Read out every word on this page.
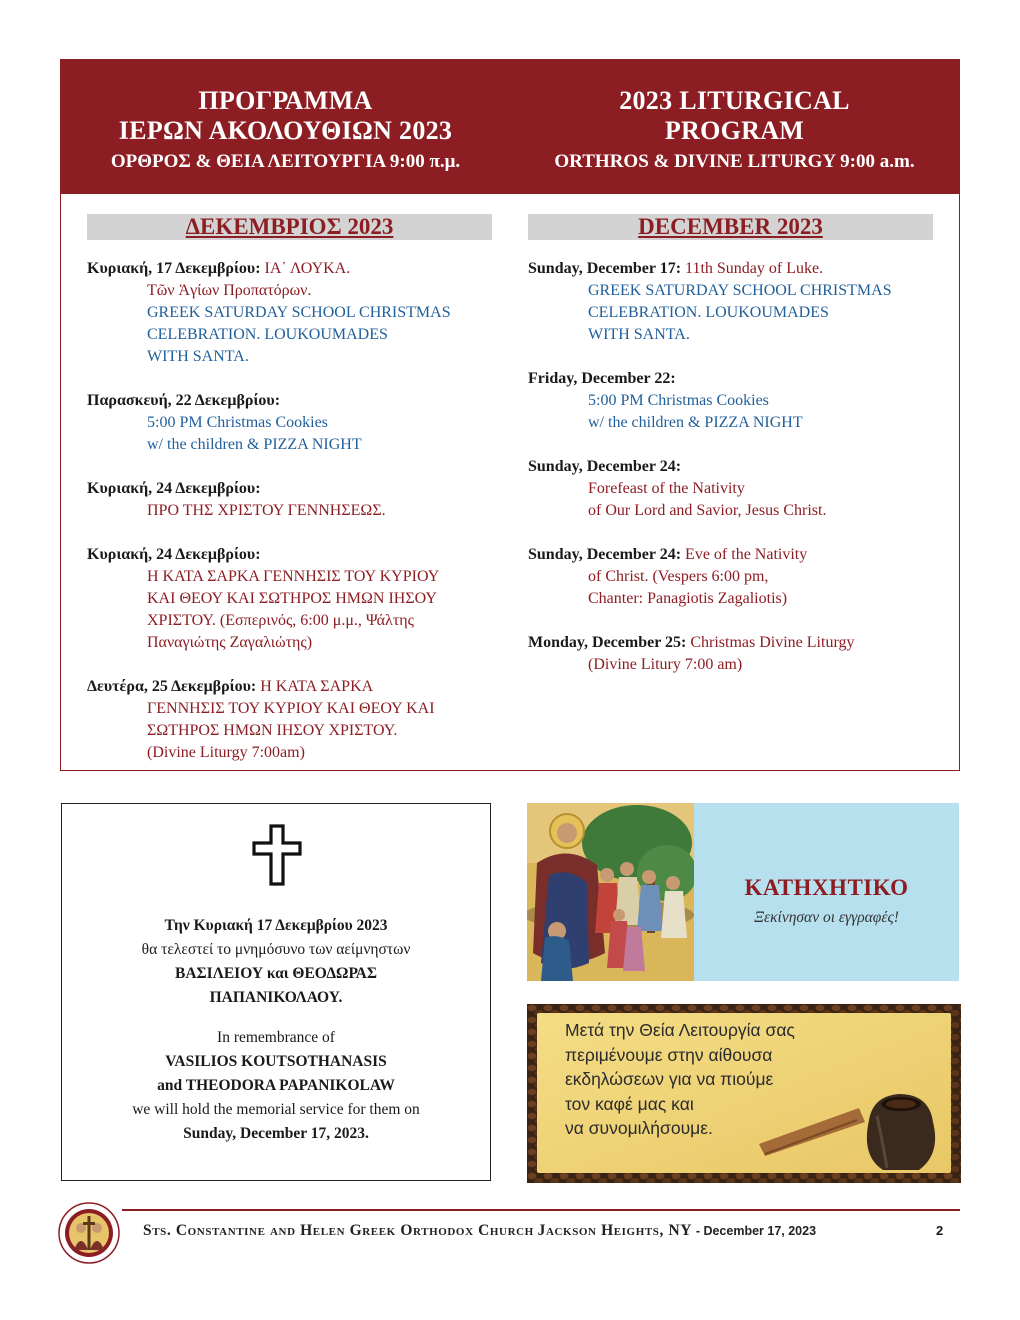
ΠΡΟΓΡΑΜΜΑ
ΙΕΡΩΝ ΑΚΟΛΟΥΘΙΩΝ 2023
ΟΡΘΡΟΣ & ΘΕΙΑ ΛΕΙΤΟΥΡΓΙΑ 9:00 π.μ.
2023 LITURGICAL
PROGRAM
ORTHROS & DIVINE LITURGY 9:00 a.m.
ΔΕΚΕΜΒΡΙΟΣ 2023	DECEMBER 2023
Κυριακή, 17 Δεκεμβρίου: ΙΑ΄ ΛΟΥΚΑ.
Τῶν Ἁγίων Προπατόρων.
GREEK SATURDAY SCHOOL CHRISTMAS
CELEBRATION. LOUKOUMADES
WITH SANTA.
Παρασκευή, 22 Δεκεμβρίου:
5:00 PM Christmas Cookies
w/ the children & PIZZA NIGHT
Κυριακή, 24 Δεκεμβρίου:
ΠΡΟ ΤΗΣ ΧΡΙΣΤΟΥ ΓΕΝΝΗΣΕΩΣ.
Κυριακή, 24 Δεκεμβρίου:
Η ΚΑΤΑ ΣΑΡΚΑ ΓΕΝΝΗΣΙΣ ΤΟΥ ΚΥΡΙΟΥ
ΚΑΙ ΘΕΟΥ ΚΑΙ ΣΩΤΗΡΟΣ ΗΜΩΝ ΙΗΣΟΥ
ΧΡΙΣΤΟΥ. (Εσπερινός, 6:00 μ.μ., Ψάλτης
Παναγιώτης Ζαγαλιώτης)
Δευτέρα, 25 Δεκεμβρίου: Η ΚΑΤΑ ΣΑΡΚΑ
ΓΕΝΝΗΣΙΣ ΤΟΥ ΚΥΡΙΟΥ ΚΑΙ ΘΕΟΥ ΚΑΙ
ΣΩΤΗΡΟΣ ΗΜΩΝ ΙΗΣΟΥ ΧΡΙΣΤΟΥ.
(Divine Liturgy 7:00am)
Sunday, December 17: 11th Sunday of Luke.
GREEK SATURDAY SCHOOL CHRISTMAS
CELEBRATION. LOUKOUMADES
WITH SANTA.
Friday, December 22:
5:00 PM Christmas Cookies
w/ the children & PIZZA NIGHT
Sunday, December 24:
Forefeast of the Nativity
of Our Lord and Savior, Jesus Christ.
Sunday, December 24: Eve of the Nativity
of Christ. (Vespers 6:00 pm,
Chanter: Panagiotis Zagaliotis)
Monday, December 25: Christmas Divine Liturgy
(Divine Litury 7:00 am)
Την Κυριακή 17 Δεκεμβρίου 2023
θα τελεστεί το μνημόσυνο των αείμνηστων
ΒΑΣΙΛΕΙΟΥ και ΘΕΟΔΩΡΑΣ
ΠΑΠΑΝΙΚΟΛΑΟΥ.
In remembrance of
VASILIOS KOUTSOTHANASIS
and THEODORA PAPANIKOLAW
we will hold the memorial service for them on
Sunday, December 17, 2023.
ΚΑΤΗΧΗΤΙΚΟ
Ξεκίνησαν οι εγγραφές!
Μετά την Θεία Λειτουργία σας
περιμένουμε στην αίθουσα
εκδηλώσεων για να πιούμε
τον καφέ μας και
να συνομιλήσουμε.
Sts. Constantine and Helen Greek Orthodox Church Jackson Heights, NY - December 17, 2023	2
